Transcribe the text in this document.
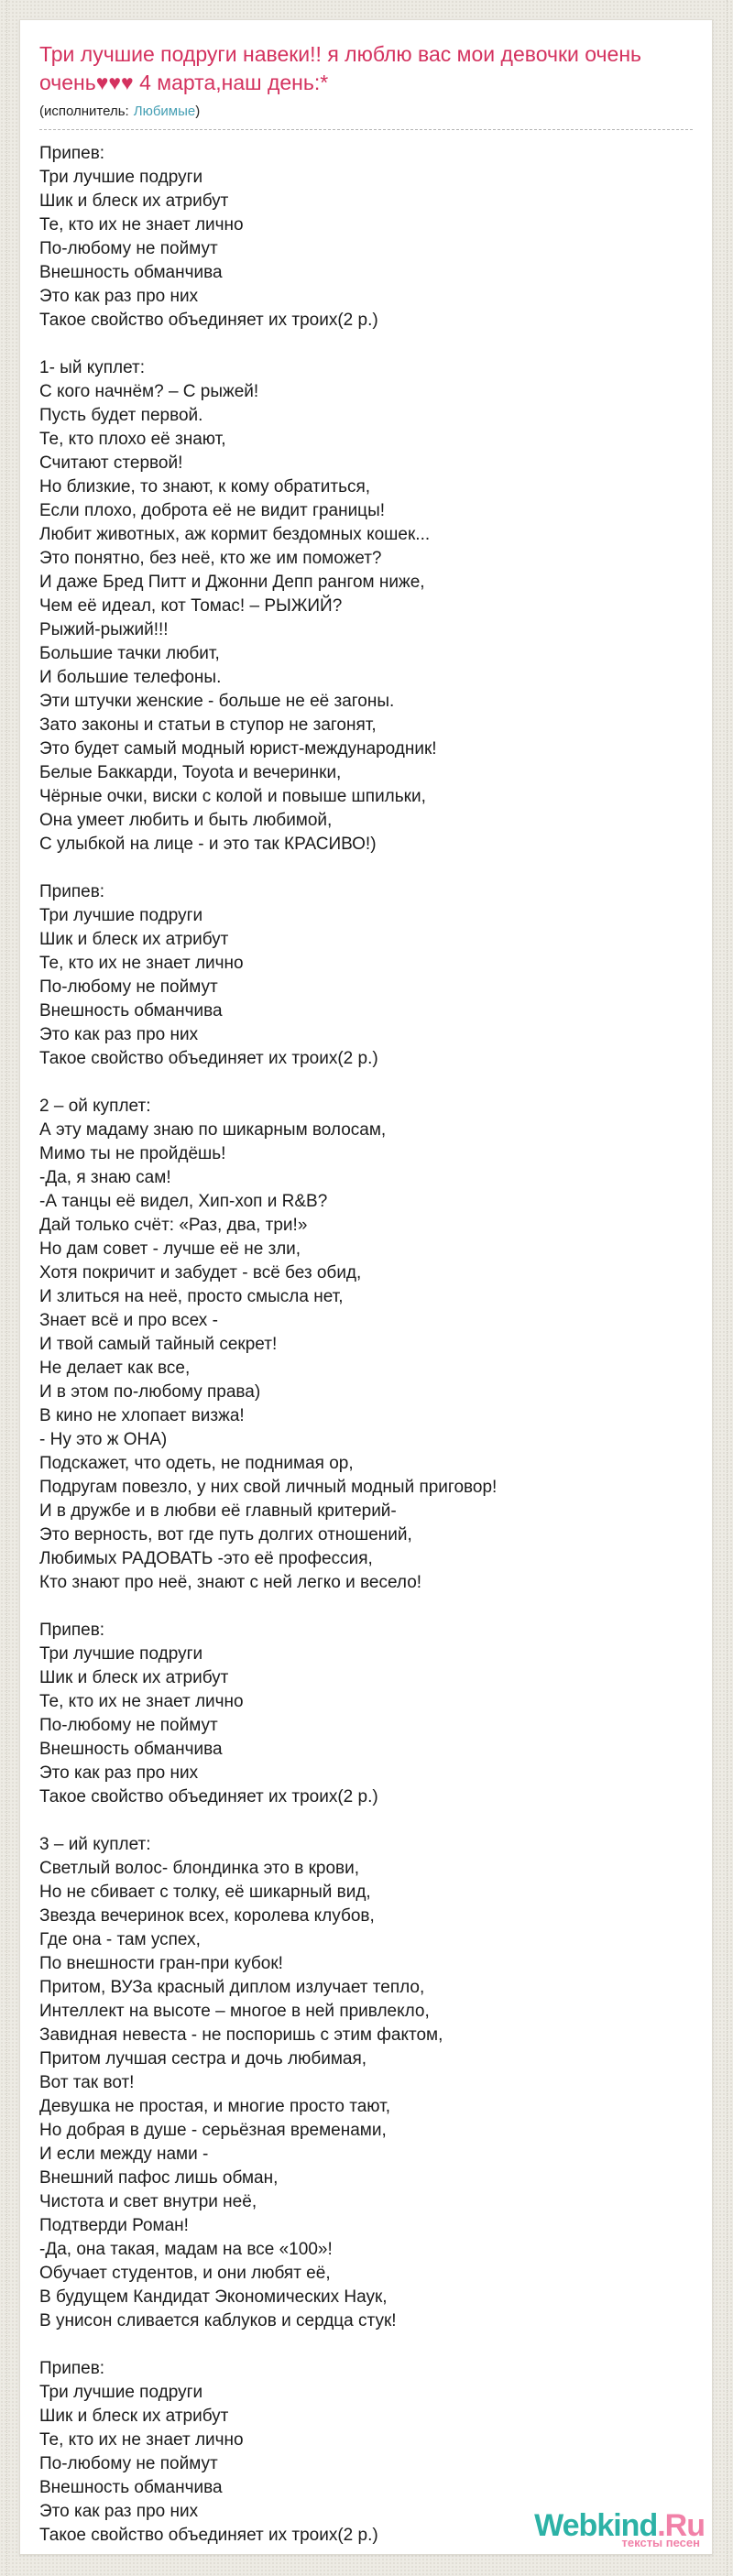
Три лучшие подруги навеки!! я люблю вас мои девочки очень очень♥♥♥ 4 марта,наш день:*
(исполнитель: Любимые)
Припев:
Три лучшие подруги
Шик и блеск их атрибут
Те, кто их не знает лично
По-любому не поймут
Внешность обманчива
Это как раз про них
Такое свойство объединяет их троих(2 р.)
1- ый куплет:
С кого начнём? – С рыжей!
Пусть будет первой.
Те, кто плохо её знают,
Считают стервой!
Но близкие, то знают, к кому обратиться,
Если плохо, доброта её не видит границы!
Любит животных, аж кормит бездомных кошек...
Это понятно, без неё, кто же им поможет?
И даже Бред Питт и Джонни Депп рангом ниже,
Чем её идеал, кот Томас! – РЫЖИЙ?
Рыжий-рыжий!!!
Большие тачки любит,
И большие телефоны.
Эти штучки женские - больше не её загоны.
Зато законы и статьи в ступор не загонят,
Это будет самый модный юрист-международник!
Белые Баккарди, Toyota и вечеринки,
Чёрные очки, виски с колой и повыше шпильки,
Она умеет любить и быть любимой,
С улыбкой на лице - и это так КРАСИВО!)
Припев:
Три лучшие подруги
Шик и блеск их атрибут
Те, кто их не знает лично
По-любому не поймут
Внешность обманчива
Это как раз про них
Такое свойство объединяет их троих(2 р.)
2 – ой куплет:
А эту мадаму знаю по шикарным волосам,
Мимо ты не пройдёшь!
-Да, я знаю сам!
-А танцы её видел, Хип-хоп и R&B?
Дай только счёт: «Раз, два, три!»
Но дам совет - лучше её не зли,
Хотя покричит и забудет - всё без обид,
И злиться на неё, просто смысла нет,
Знает всё и про всех -
И твой самый тайный секрет!
Не делает как все,
И в этом по-любому права)
В кино не хлопает визжа!
- Ну это ж ОНА)
Подскажет, что одеть, не поднимая ор,
Подругам повезло, у них свой личный модный приговор!
И в дружбе и в любви её главный критерий-
Это верность, вот где путь долгих отношений,
Любимых РАДОВАТЬ -это её профессия,
Кто знают про неё, знают с ней легко и весело!
Припев:
Три лучшие подруги
Шик и блеск их атрибут
Те, кто их не знает лично
По-любому не поймут
Внешность обманчива
Это как раз про них
Такое свойство объединяет их троих(2 р.)
3 – ий куплет:
Светлый волос- блондинка это в крови,
Но не сбивает с толку, её шикарный вид,
Звезда вечеринок всех, королева клубов,
Где она - там успех,
По внешности гран-при кубок!
Притом, ВУЗа красный диплом излучает тепло,
Интеллект на высоте – многое в ней привлекло,
Завидная невеста - не поспоришь с этим фактом,
Притом лучшая сестра и дочь любимая,
Вот так вот!
Девушка не простая, и многие просто тают,
Но добрая в душе - серьёзная временами,
И если между нами -
Внешний пафос лишь обман,
Чистота и свет внутри неё,
Подтверди Роман!
-Да, она такая, мадам на все «100»!
Обучает студентов, и они любят её,
В будущем Кандидат Экономических Наук,
В унисон сливается каблуков и сердца стук!
Припев:
Три лучшие подруги
Шик и блеск их атрибут
Те, кто их не знает лично
По-любому не поймут
Внешность обманчива
Это как раз про них
Такое свойство объединяет их троих(2 р.)	Webkind.Ru
тексты песен
